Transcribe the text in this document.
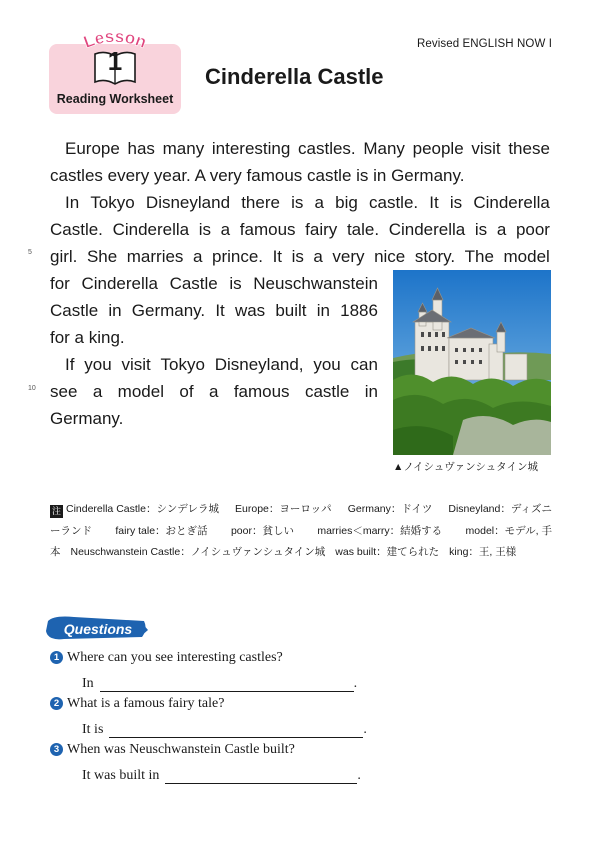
Lesson
1
Reading Worksheet
Revised ENGLISH NOW I
Cinderella Castle
Europe has many interesting castles. Many people visit these
castles every year. A very famous castle is in Germany.
In Tokyo Disneyland there is a big castle. It is Cinderella
Castle. Cinderella is a famous fairy tale. Cinderella is a poor
girl. She marries a prince. It is a very nice story. The model
for Cinderella Castle is Neuschwanstein
Castle in Germany. It was built in 1886
for a king.
If you visit Tokyo Disneyland, you can
see a model of a famous castle in
Germany.
5
10
▲ノイシュヴァンシュタイン城
注 Cinderella Castle：シンデレラ城 Europe：ヨーロッパ Germany：ドイツ Disneyland：ディズニ
ーランド fairy tale：おとぎ話 poor：貧しい marries＜marry：結婚する model：モデル, 手
本 Neuschwanstein Castle：ノイシュヴァンシュタイン城 was built：建てられた king：王, 王様
Questions
1 Where can you see interesting castles?
In	.
2 What is a famous fairy tale?
It is	.
3 When was Neuschwanstein Castle built?
It was built in	.
